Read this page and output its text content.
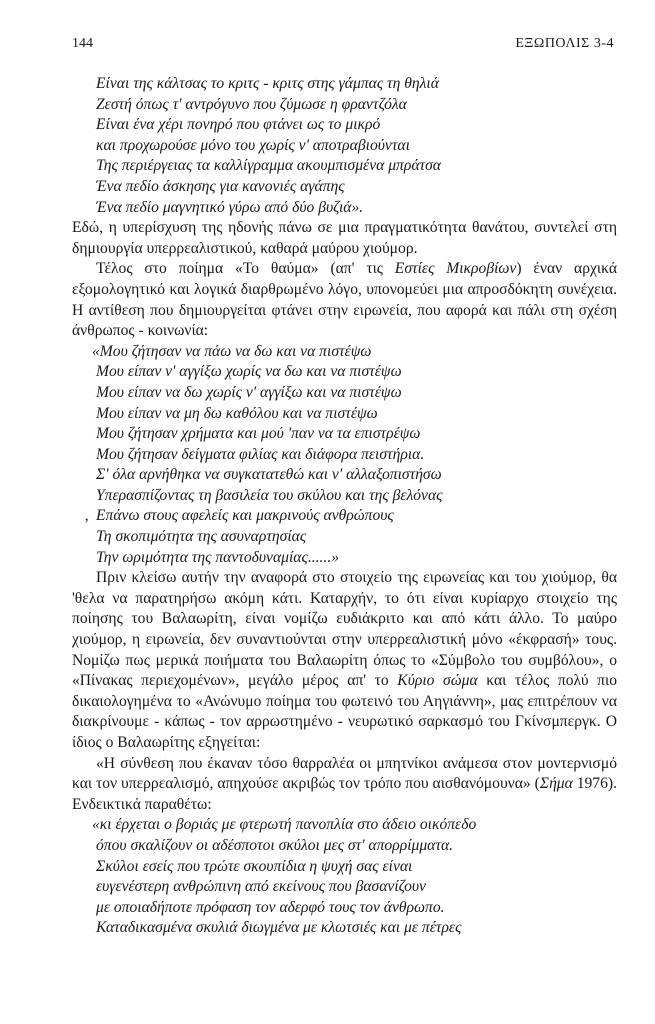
144	ΕΞΩΠΟΛΙΣ 3-4
Είναι της κάλτσας το κριτς - κριτς στης γάμπας τη θηλιά
Ζεστή όπως τ' αντρόγυνο που ζύμωσε η φραντζόλα
Είναι ένα χέρι πονηρό που φτάνει ως το μικρό
και προχωρούσε μόνο του χωρίς ν' αποτραβιούνται
Της περιέργειας τα καλλίγραμμα ακουμπισμένα μπράτσα
Ένα πεδίο άσκησης για κανονιές αγάπης
Ένα πεδίο μαγνητικό γύρω από δύο βυζιά».

Εδώ, η υπερίσχυση της ηδονής πάνω σε μια πραγματικότητα θανάτου, συντελεί στη δημιουργία υπερρεαλιστικού, καθαρά μαύρου χιούμορ.

Τέλος στο ποίημα «Το θαύμα» (απ' τις Εστίες Μικροβίων) έναν αρχικά εξομολογητικό και λογικά διαρθρωμένο λόγο, υπονομεύει μια απροσδόκητη συνέχεια. Η αντίθεση που δημιουργείται φτάνει στην ειρωνεία, που αφορά και πάλι στη σχέση άνθρωπος - κοινωνία:

«Μου ζήτησαν να πάω να δω και να πιστέψω
Μου είπαν ν' αγγίξω χωρίς να δω και να πιστέψω
Μου είπαν να δω χωρίς ν' αγγίξω και να πιστέψω
Μου είπαν να μη δω καθόλου και να πιστέψω
Μου ζήτησαν χρήματα και μού 'παν να τα επιστρέψω
Μου ζήτησαν δείγματα φιλίας και διάφορα πειστήρια.
Σ' όλα αρνήθηκα να συγκατατεθώ και ν' αλλαξοπιστήσω
Υπερασπίζοντας τη βασιλεία του σκύλου και της βελόνας
‚ Επάνω στους αφελείς και μακρινούς ανθρώπους
Τη σκοπιμότητα της ασυναρτησίας
Την ωριμότητα της παντοδυναμίας......»

Πριν κλείσω αυτήν την αναφορά στο στοιχείο της ειρωνείας και του χιούμορ, θα 'θελα να παρατηρήσω ακόμη κάτι. Καταρχήν, το ότι είναι κυρίαρχο στοιχείο της ποίησης του Βαλαωρίτη, είναι νομίζω ευδιάκριτο και από κάτι άλλο. Το μαύρο χιούμορ, η ειρωνεία, δεν συναντιούνται στην υπερρεαλιστική μόνο «έκφρασή» τους. Νομίζω πως μερικά ποιήματα του Βαλαωρίτη όπως το «Σύμβολο του συμβόλου», ο «Πίνακας περιεχομένων», μεγάλο μέρος απ' το Κύριο σώμα και τέλος πολύ πιο δικαιολογημένα το «Ανώνυμο ποίημα του φωτεινό του Αηγιάννη», μας επιτρέπουν να διακρίνουμε - κάπως - τον αρρωστημένο - νευρωτικό σαρκασμό του Γκίνσμπεργκ. Ο ίδιος ο Βαλαωρίτης εξηγείται:

«Η σύνθεση που έκαναν τόσο θαρραλέα οι μπητνίκοι ανάμεσα στον μοντερνισμό και τον υπερρεαλισμό, απηχούσε ακριβώς τον τρόπο που αισθανόμουνα» (Σήμα 1976). Ενδεικτικά παραθέτω:

«κι έρχεται ο βοριάς με φτερωτή πανοπλία στο άδειο οικόπεδο
όπου σκαλίζουν οι αδέσποτοι σκύλοι μες στ' απορρίμματα.
Σκύλοι εσείς που τρώτε σκουπίδια η ψυχή σας είναι
ευγενέστερη ανθρώπινη από εκείνους που βασανίζουν
με οποιαδήποτε πρόφαση τον αδερφό τους τον άνθρωπο.
Καταδικασμένα σκυλιά διωγμένα με κλωτσιές και με πέτρες
